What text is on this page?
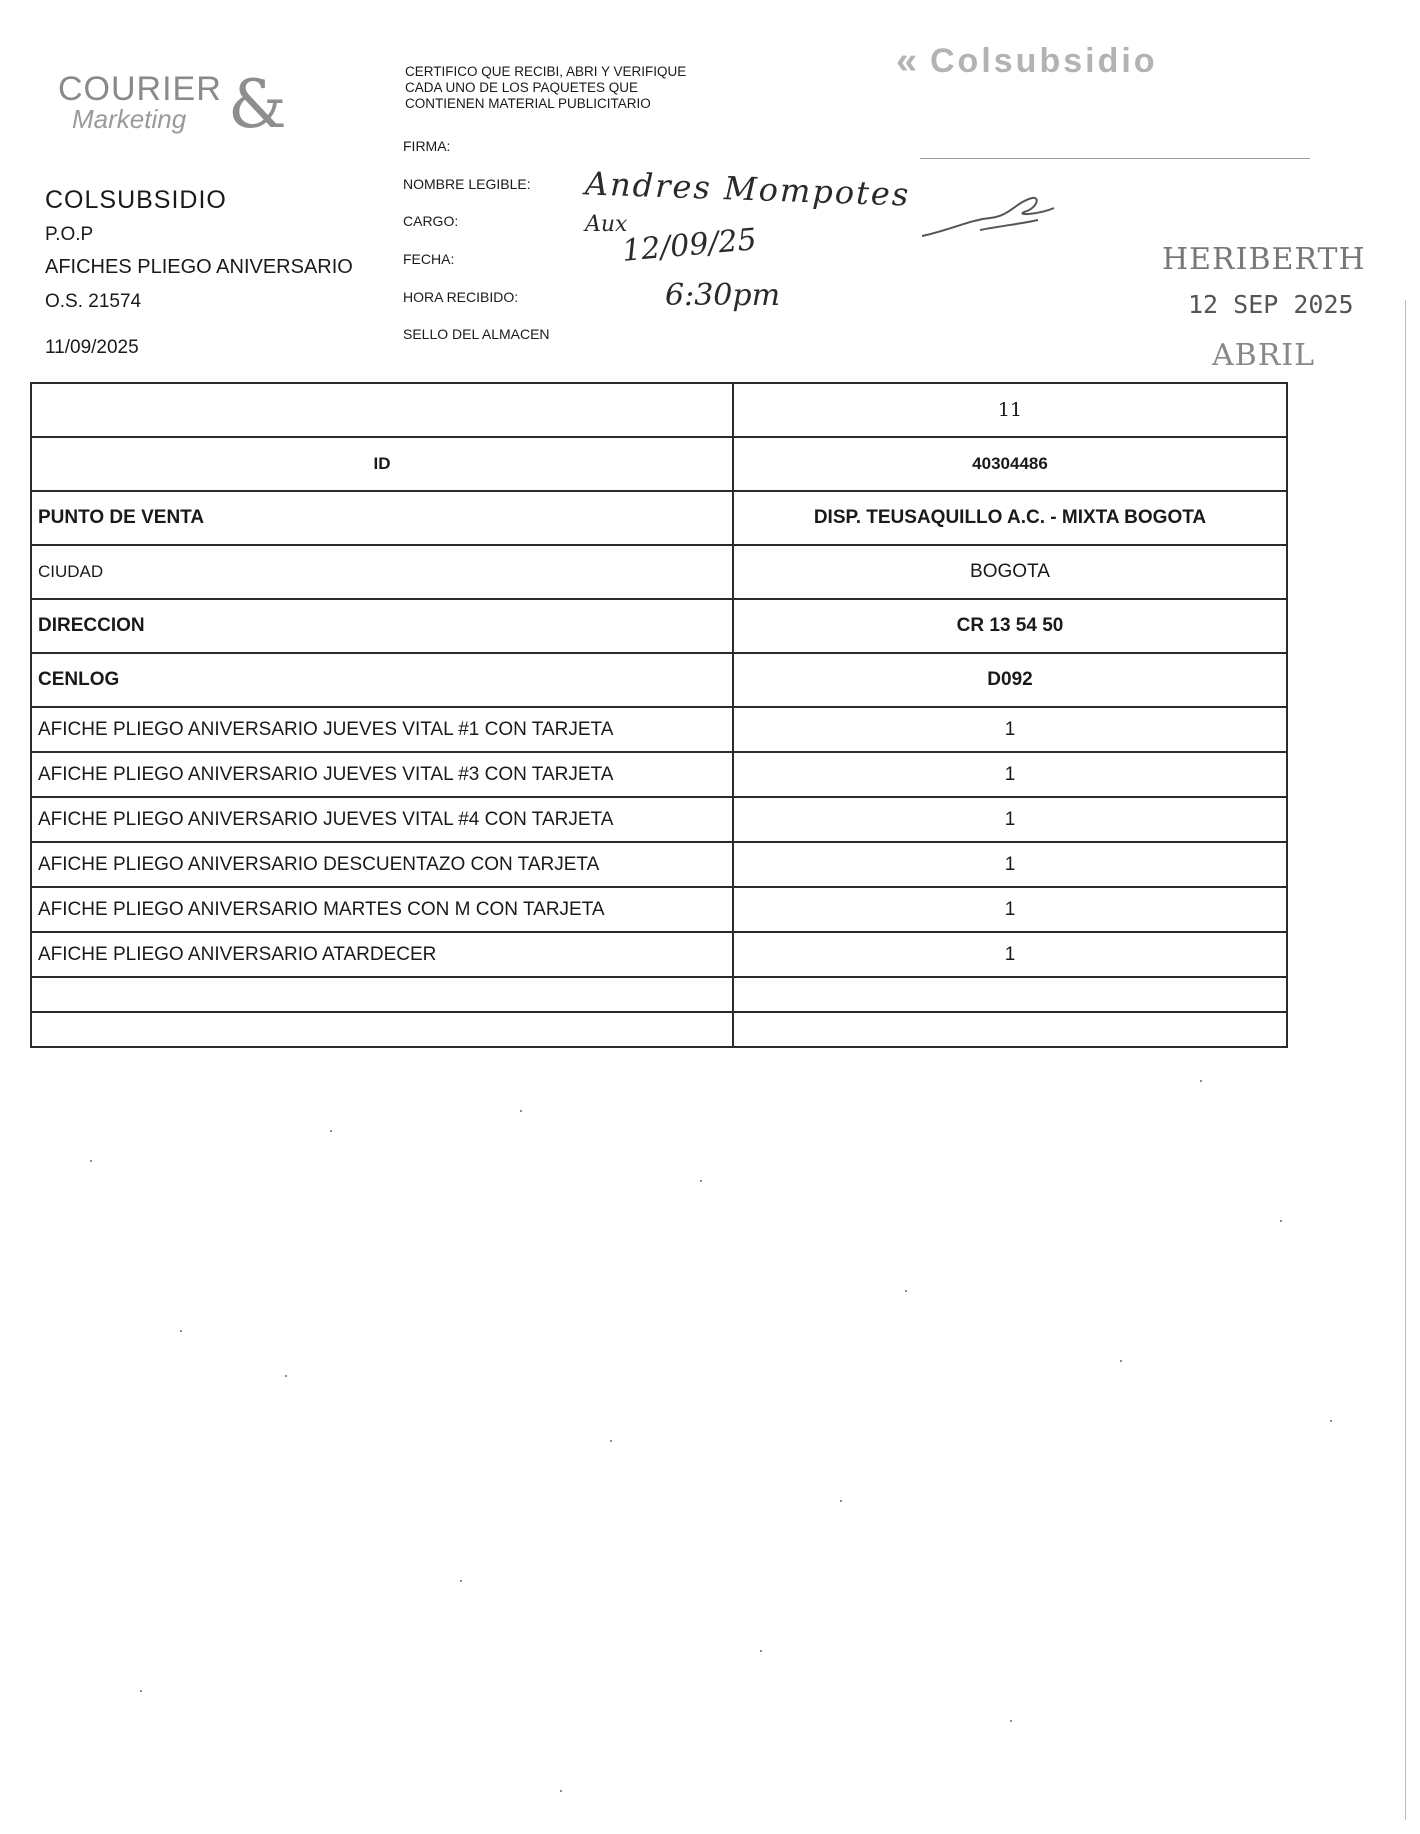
COURIER
Marketing &
COLSUBSIDIO
P.O.P
AFICHES PLIEGO ANIVERSARIO
O.S. 21574
11/09/2025
CERTIFICO QUE RECIBI, ABRI Y VERIFIQUE
CADA UNO DE LOS PAQUETES QUE
CONTIENEN MATERIAL PUBLICITARIO
FIRMA:
NOMBRE LEGIBLE:
CARGO:
FECHA:
HORA RECIBIDO:
SELLO DEL ALMACEN
Andres Mompotes
Aux
12/09/25
6:30pm
« Colsubsidio
HERIBERTH
12 SEP 2025
ABRIL
	11
ID	40304486
PUNTO DE VENTA	DISP. TEUSAQUILLO A.C. - MIXTA BOGOTA
CIUDAD	BOGOTA
DIRECCION	CR 13 54 50
CENLOG	D092
AFICHE PLIEGO ANIVERSARIO JUEVES VITAL #1 CON TARJETA	1
AFICHE PLIEGO ANIVERSARIO JUEVES VITAL #3 CON TARJETA	1
AFICHE PLIEGO ANIVERSARIO JUEVES VITAL #4 CON TARJETA	1
AFICHE PLIEGO ANIVERSARIO DESCUENTAZO CON TARJETA	1
AFICHE PLIEGO ANIVERSARIO MARTES CON M CON TARJETA	1
AFICHE PLIEGO ANIVERSARIO ATARDECER	1
